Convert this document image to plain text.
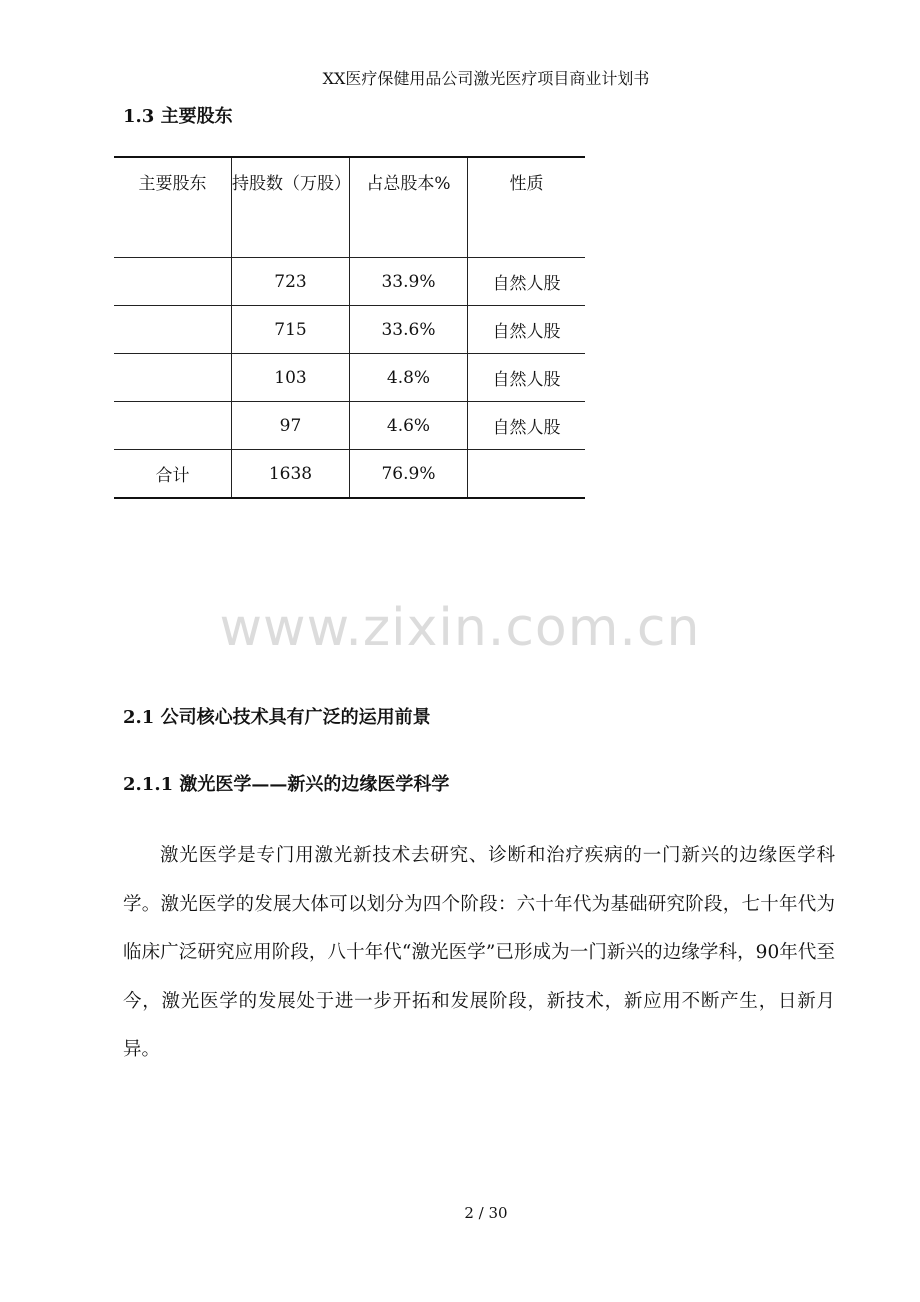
XX医疗保健用品公司激光医疗项目商业计划书
1.3 主要股东
主要股东	持股数（万股）	占总股本%	性质
	723	33.9%	自然人股
	715	33.6%	自然人股
	103	4.8%	自然人股
	97	4.6%	自然人股
合计	1638	76.9%	
www.zixin.com.cn
2.1 公司核心技术具有广泛的运用前景
2.1.1 激光医学——新兴的边缘医学科学

激光医学是专门用激光新技术去研究、诊断和治疗疾病的一门新兴的边缘医学科学。激光医学的发展大体可以划分为四个阶段：六十年代为基础研究阶段，七十年代为临床广泛研究应用阶段，八十年代“激光医学”已形成为一门新兴的边缘学科，90年代至今，激光医学的发展处于进一步开拓和发展阶段，新技术，新应用不断产生，日新月异。

2 / 30
